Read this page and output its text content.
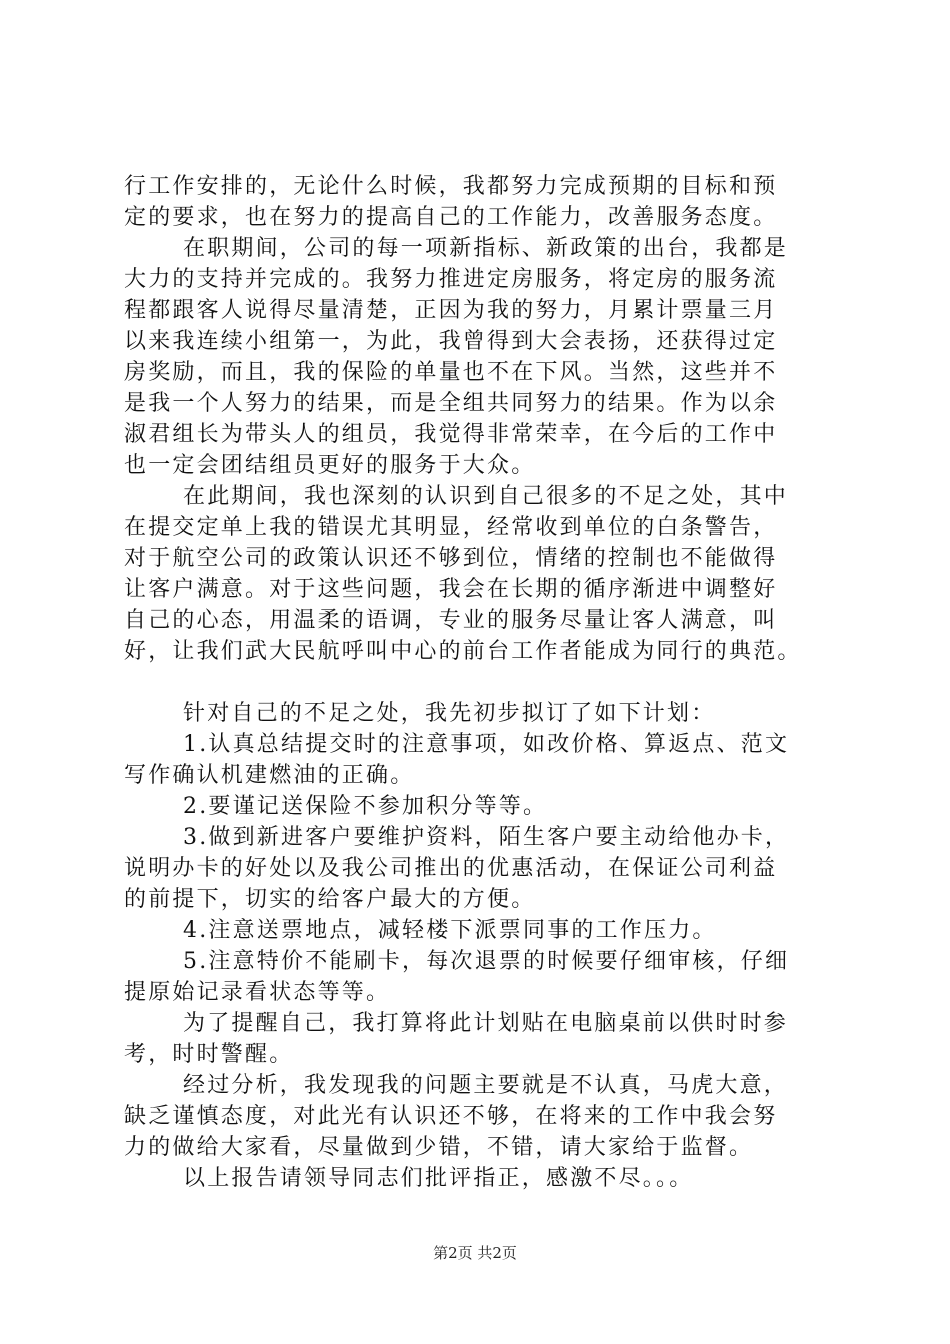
行工作安排的，无论什么时候，我都努力完成预期的目标和预
定的要求，也在努力的提高自己的工作能力，改善服务态度。
在职期间，公司的每一项新指标、新政策的出台，我都是
大力的支持并完成的。我努力推进定房服务，将定房的服务流
程都跟客人说得尽量清楚，正因为我的努力，月累计票量三月
以来我连续小组第一，为此，我曾得到大会表扬，还获得过定
房奖励，而且，我的保险的单量也不在下风。当然，这些并不
是我一个人努力的结果，而是全组共同努力的结果。作为以余
淑君组长为带头人的组员，我觉得非常荣幸，在今后的工作中
也一定会团结组员更好的服务于大众。
在此期间，我也深刻的认识到自己很多的不足之处，其中
在提交定单上我的错误尤其明显，经常收到单位的白条警告，
对于航空公司的政策认识还不够到位，情绪的控制也不能做得
让客户满意。对于这些问题，我会在长期的循序渐进中调整好
自己的心态，用温柔的语调，专业的服务尽量让客人满意，叫
好，让我们武大民航呼叫中心的前台工作者能成为同行的典范。
针对自己的不足之处，我先初步拟订了如下计划：
1.认真总结提交时的注意事项，如改价格、算返点、范文
写作确认机建燃油的正确。
2.要谨记送保险不参加积分等等。
3.做到新进客户要维护资料，陌生客户要主动给他办卡，
说明办卡的好处以及我公司推出的优惠活动，在保证公司利益
的前提下，切实的给客户最大的方便。
4.注意送票地点，减轻楼下派票同事的工作压力。
5.注意特价不能刷卡，每次退票的时候要仔细审核，仔细
提原始记录看状态等等。
为了提醒自己，我打算将此计划贴在电脑桌前以供时时参
考，时时警醒。
经过分析，我发现我的问题主要就是不认真，马虎大意，
缺乏谨慎态度，对此光有认识还不够，在将来的工作中我会努
力的做给大家看，尽量做到少错，不错，请大家给于监督。
以上报告请领导同志们批评指正，感激不尽。。。
第2页 共2页
